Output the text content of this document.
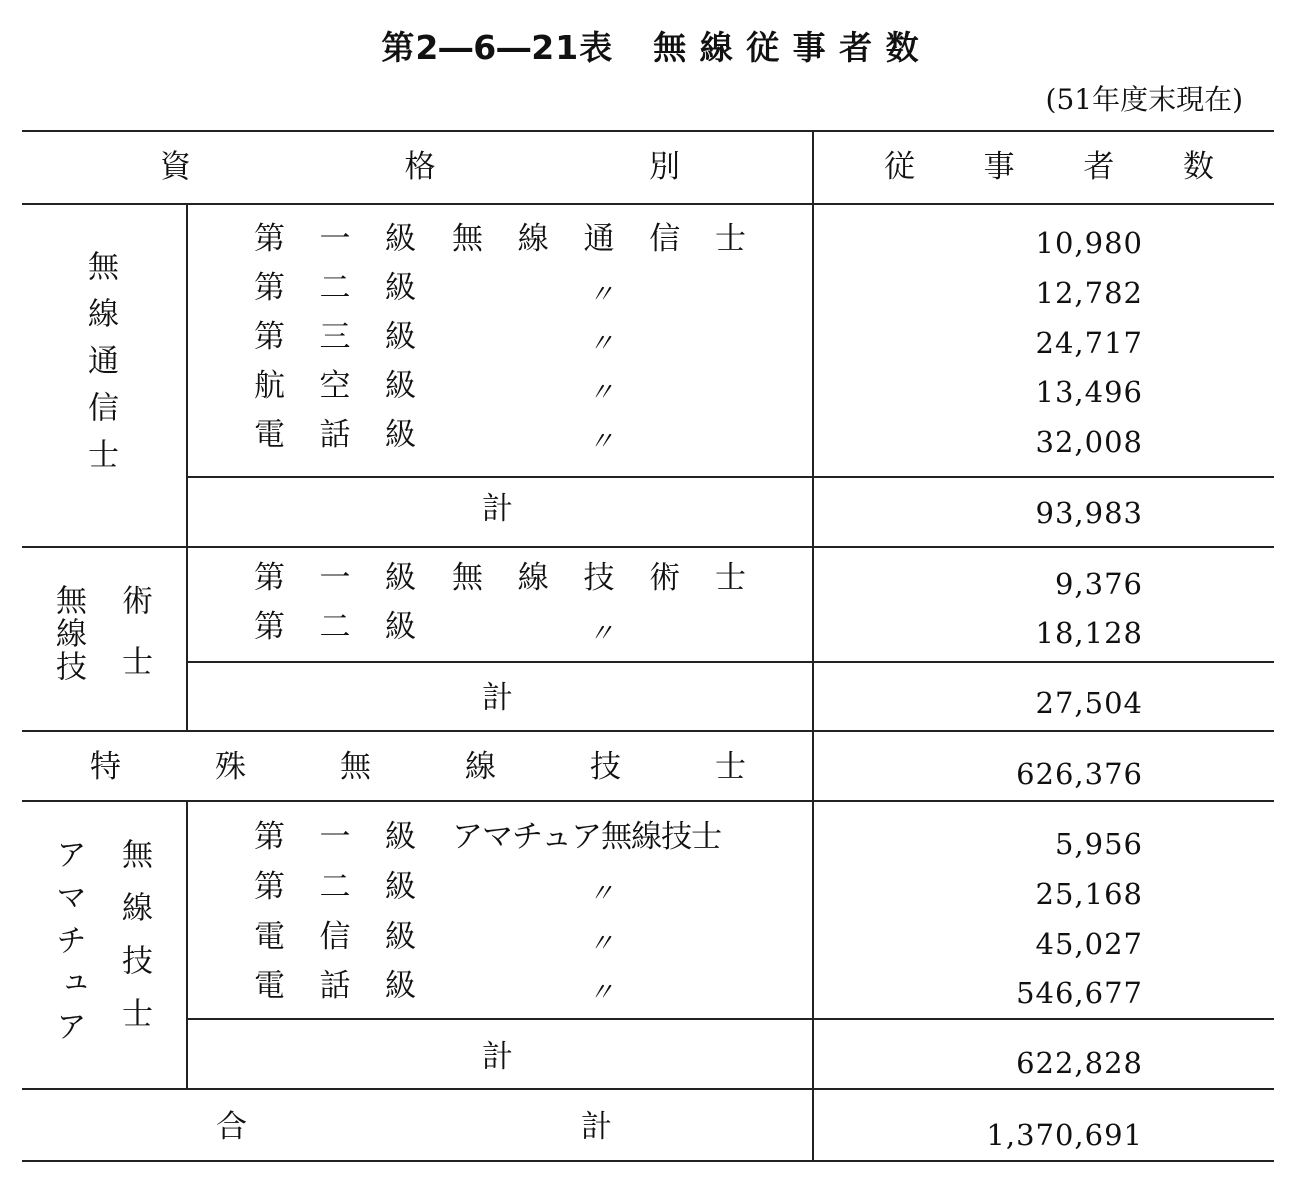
第2―6―21表 無 線 従 事 者 数
(51年度末現在)
資	格	別	従 事 者 数
無線通信士
第 一 級 無 線 通 信 士	10,980
第 二 級	〃	12,782
第 三 級	〃	24,717
航 空 級	〃	13,496
電 話 級	〃	32,008
計	93,983
無線技 術士
第 一 級 無 線 技 術 士	9,376
第 二 級	〃	18,128
計	27,504
特	殊	無	線	技	士	626,376
アマチュア 無線技士
第 一 級 アマチュア無線技士	5,956
第 二 級	〃	25,168
電 信 級	〃	45,027
電 話 級	〃	546,677
計	622,828
合	計	1,370,691
